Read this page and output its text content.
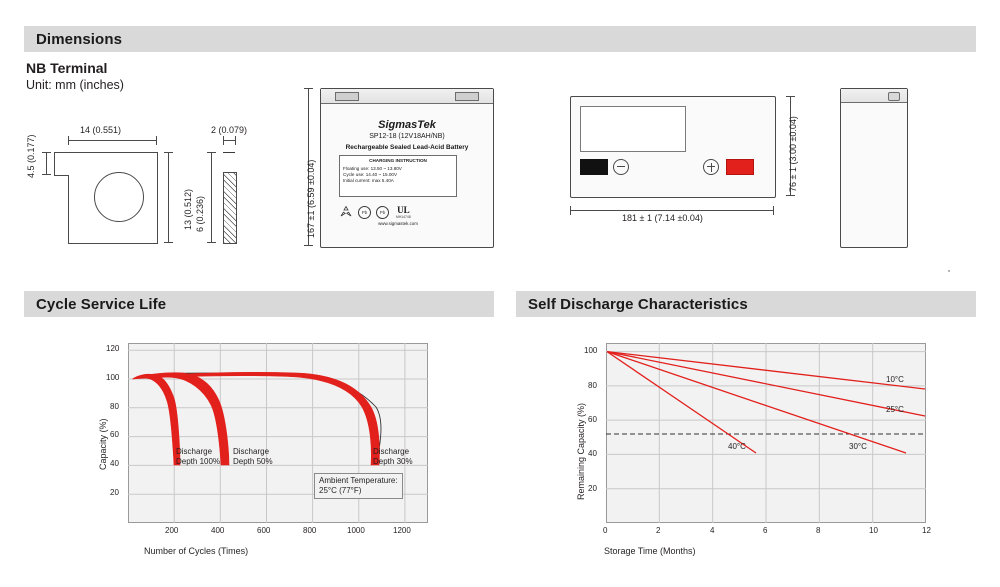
Dimensions
NB Terminal
Unit: mm (inches)
14 (0.551)
13 (0.512)
4.5 (0.177)
2 (0.079)
6 (0.236)
SigmasTek
SP12-18 (12V18AH/NB)
Rechargeable Sealed Lead-Acid Battery
CHARGING INSTRUCTION
Floating use: 13.50 ~ 13.80V
Cycle use: 14.40 ~ 15.00V
Initial current: max 5.40A
Pb	Pb	UL
MH14748
www.sigmastek.com
167 ±1 (6.59 ±0.04)	181 ± 1 (7.14 ±0.04)
76 ± 1 (3.00 ±0.04)
Cycle Service Life
20
40
60
80
100
120
200	400	600	800	1000	1200
Number of Cycles (Times)
Capacity (%)	Discharge
Depth 100%
Discharge
Depth 50%
Discharge
Depth 30%
Ambient Temperature:
25°C (77°F)
Self Discharge Characteristics
20
40
60
80
100
0	2	4	6	8	10	12
Storage Time (Months)
Remaining Capacity (%)
10°C
25°C
30°C
40°C
